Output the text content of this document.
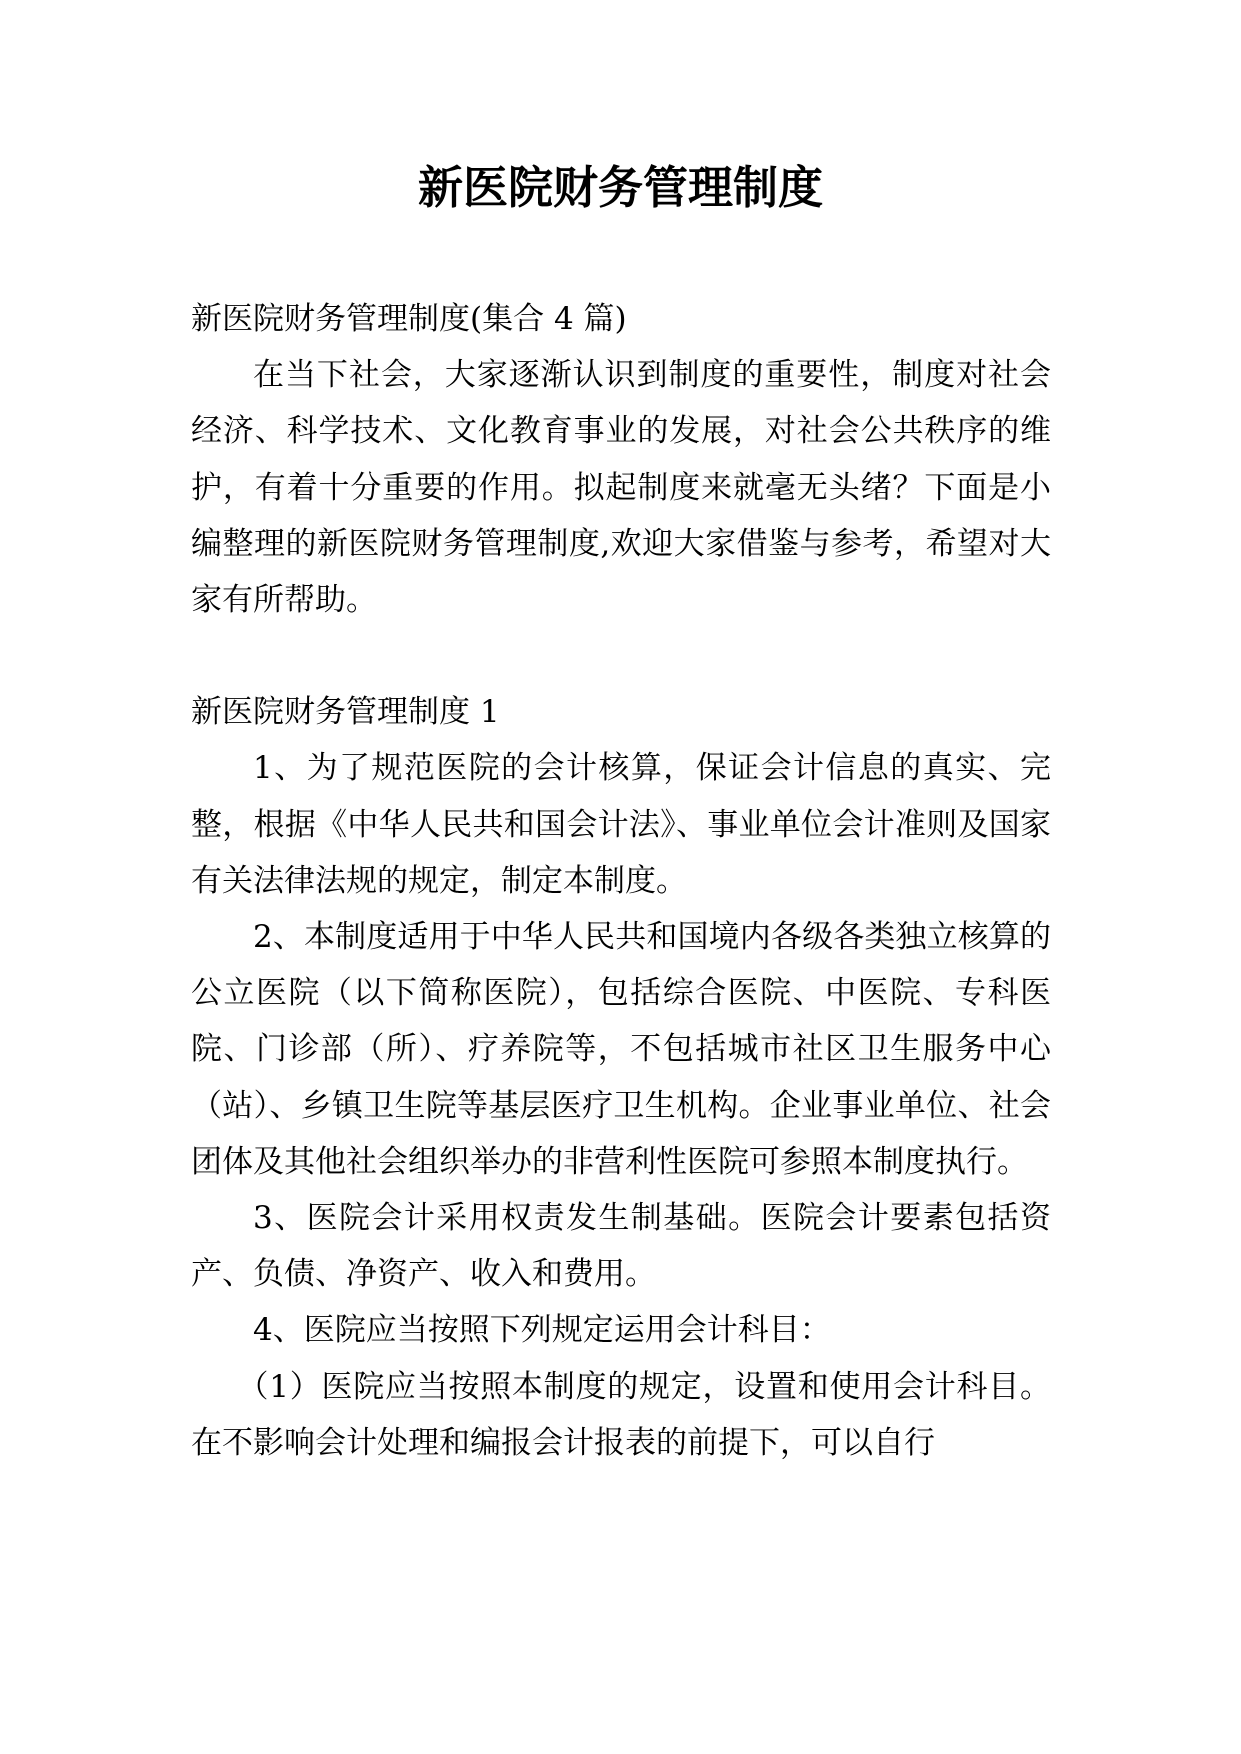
新医院财务管理制度

新医院财务管理制度(集合 4 篇)

在当下社会，大家逐渐认识到制度的重要性，制度对社会经济、科学技术、文化教育事业的发展，对社会公共秩序的维护，有着十分重要的作用。拟起制度来就毫无头绪？下面是小编整理的新医院财务管理制度,欢迎大家借鉴与参考，希望对大家有所帮助。

新医院财务管理制度 1

1、为了规范医院的会计核算，保证会计信息的真实、完整，根据《中华人民共和国会计法》、事业单位会计准则及国家有关法律法规的规定，制定本制度。

2、本制度适用于中华人民共和国境内各级各类独立核算的公立医院（以下简称医院），包括综合医院、中医院、专科医院、门诊部（所）、疗养院等，不包括城市社区卫生服务中心（站）、乡镇卫生院等基层医疗卫生机构。企业事业单位、社会团体及其他社会组织举办的非营利性医院可参照本制度执行。

3、医院会计采用权责发生制基础。医院会计要素包括资产、负债、净资产、收入和费用。

4、医院应当按照下列规定运用会计科目：

（1）医院应当按照本制度的规定，设置和使用会计科目。在不影响会计处理和编报会计报表的前提下，可以自行
